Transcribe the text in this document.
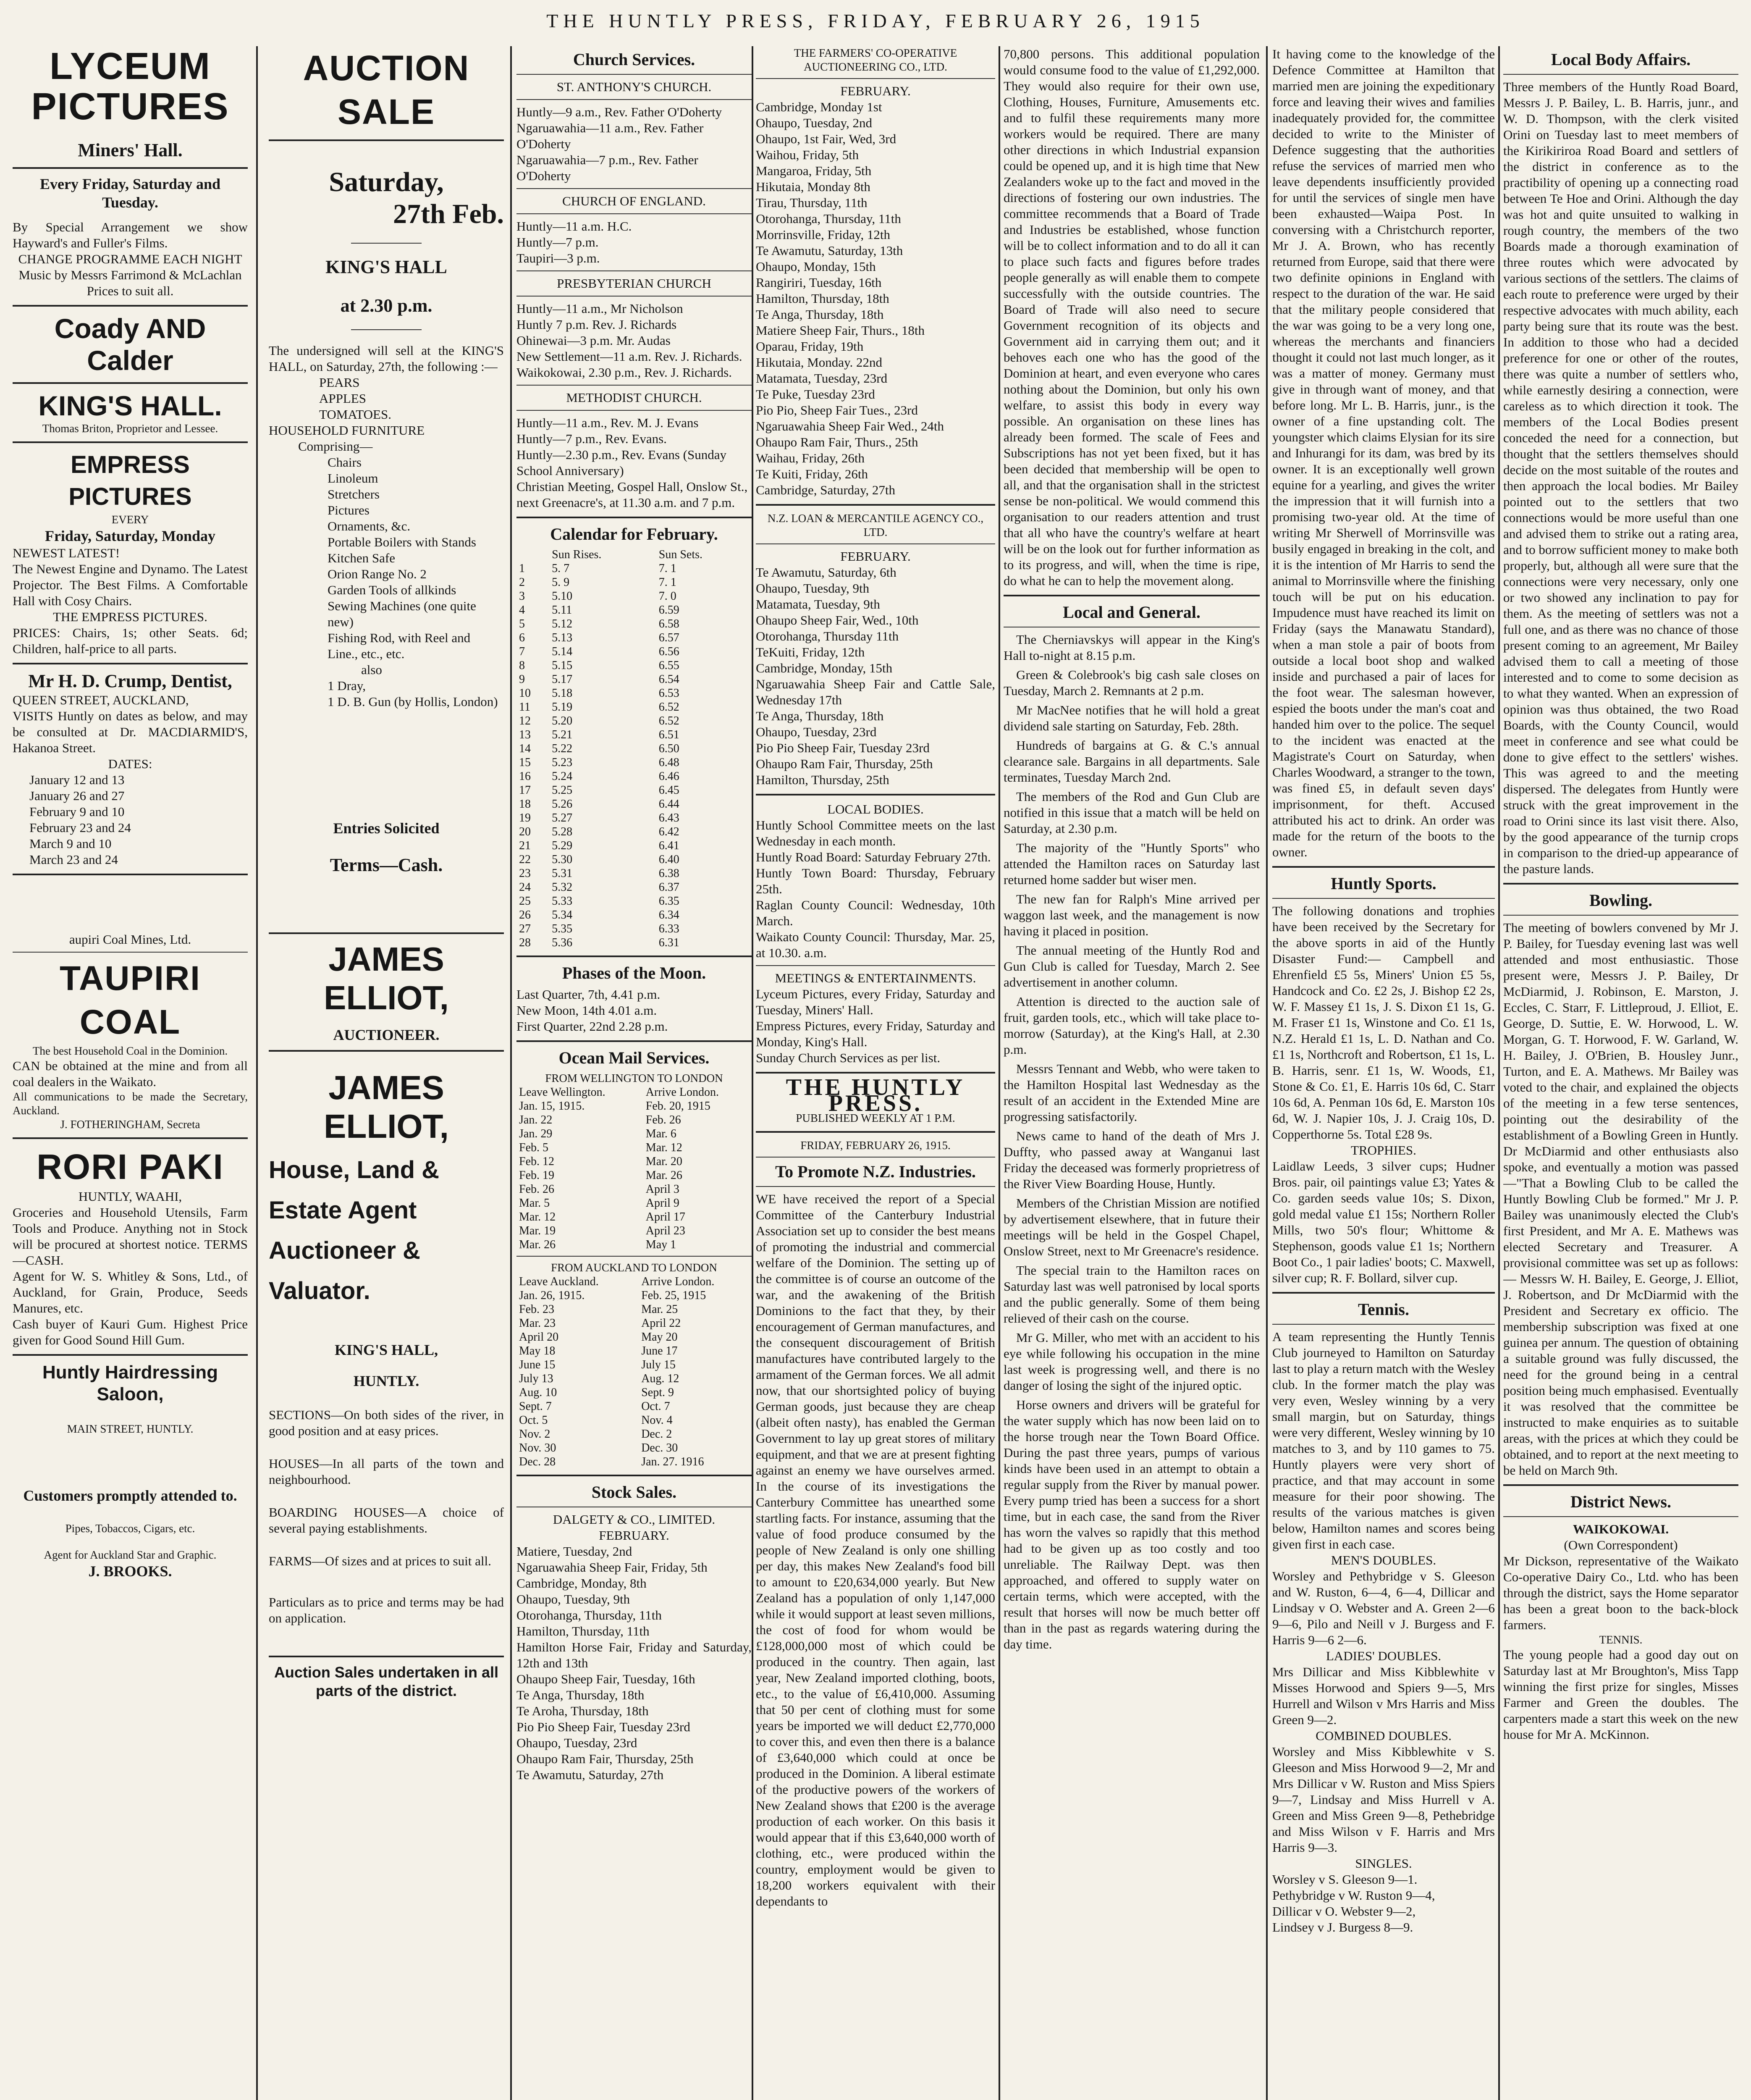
THE HUNTLY PRESS, FRIDAY, FEBRUARY 26, 1915
LYCEUM PICTURES
Miners' Hall.
Every Friday, Saturday and Tuesday.
By Special Arrangement we show Hayward's and Fuller's Films.
CHANGE PROGRAMME EACH NIGHT
Music by Messrs Farrimond & McLachlan Prices to suit all.
Coady AND Calder
KING'S HALL.
Thomas Briton, Proprietor and Lessee.
EMPRESS PICTURES
EVERY
Friday, Saturday, Monday
NEWEST LATEST!
The Newest Engine and Dynamo. The Latest Projector. The Best Films. A Comfortable Hall with Cosy Chairs.
THE EMPRESS PICTURES.
PRICES: Chairs, 1s; other Seats. 6d; Children, half-price to all parts.
Mr H. D. Crump, Dentist,
QUEEN STREET, AUCKLAND,
VISITS Huntly on dates as below, and may be consulted at Dr. MACDIARMID'S, Hakanoa Street.
DATES:
January 12 and 13
January 26 and 27
February 9 and 10
February 23 and 24
March 9 and 10
March 23 and 24
aupiri Coal Mines, Ltd.
TAUPIRI COAL
The best Household Coal in the Dominion.
CAN be obtained at the mine and from all coal dealers in the Waikato.
All communications to be made the Secretary, Auckland.
J. FOTHERINGHAM, Secreta
RORI PAKI
HUNTLY, WAAHI,
Groceries and Household Utensils, Farm Tools and Produce. Anything not in Stock will be procured at shortest notice. TERMS—CASH.
Agent for W. S. Whitley & Sons, Ltd., of Auckland, for Grain, Produce, Seeds Manures, etc.
Cash buyer of Kauri Gum. Highest Price given for Good Sound Hill Gum.
Huntly Hairdressing Saloon,
MAIN STREET, HUNTLY.
Customers promptly attended to.
Pipes, Tobaccos, Cigars, etc.
Agent for Auckland Star and Graphic.
J. BROOKS.
AUCTION SALE
Saturday,
27th Feb.
KING'S HALL
at 2.30 p.m.
The undersigned will sell at the KING'S HALL, on Saturday, 27th, the following :—
PEARS
APPLES
TOMATOES.
HOUSEHOLD FURNITURE
Comprising—
Chairs
Linoleum
Stretchers
Pictures
Ornaments, &c.
Portable Boilers with Stands
Kitchen Safe
Orion Range No. 2
Garden Tools of allkinds
Sewing Machines (one quite new)
Fishing Rod, with Reel and Line., etc., etc.
also
1 Dray,
1 D. B. Gun (by Hollis, London)
Entries Solicited
Terms—Cash.
JAMES ELLIOT,
AUCTIONEER.
JAMES ELLIOT,
House, Land &
Estate Agent
Auctioneer &
Valuator.
KING'S HALL,
HUNTLY.
SECTIONS—On both sides of the river, in good position and at easy prices.
HOUSES—In all parts of the town and neighbourhood.
BOARDING HOUSES—A choice of several paying establishments.
FARMS—Of sizes and at prices to suit all.
Particulars as to price and terms may be had on application.
Auction Sales undertaken in all parts of the district.
Church Services.
ST. ANTHONY'S CHURCH.
Huntly—9 a.m., Rev. Father O'Doherty
Ngaruawahia—11 a.m., Rev. Father O'Doherty
Ngaruawahia—7 p.m., Rev. Father O'Doherty
CHURCH OF ENGLAND.
Huntly—11 a.m. H.C.
Huntly—7 p.m.
Taupiri—3 p.m.
PRESBYTERIAN CHURCH
Huntly—11 a.m., Mr Nicholson
Huntly 7 p.m. Rev. J. Richards
Ohinewai—3 p.m. Mr. Audas
New Settlement—11 a.m. Rev. J. Richards.
Waikokowai, 2.30 p.m., Rev. J. Richards.
METHODIST CHURCH.
Huntly—11 a.m., Rev. M. J. Evans
Huntly—7 p.m., Rev. Evans.
Huntly—2.30 p.m., Rev. Evans (Sunday School Anniversary)
Christian Meeting, Gospel Hall, Onslow St., next Greenacre's, at 11.30 a.m. and 7 p.m.
Calendar for February.
	Sun Rises.	Sun Sets.
1	5. 7	7. 1
2	5. 9	7. 1
3	5.10	7. 0
4	5.11	6.59
5	5.12	6.58
6	5.13	6.57
7	5.14	6.56
8	5.15	6.55
9	5.17	6.54
10	5.18	6.53
11	5.19	6.52
12	5.20	6.52
13	5.21	6.51
14	5.22	6.50
15	5.23	6.48
16	5.24	6.46
17	5.25	6.45
18	5.26	6.44
19	5.27	6.43
20	5.28	6.42
21	5.29	6.41
22	5.30	6.40
23	5.31	6.38
24	5.32	6.37
25	5.33	6.35
26	5.34	6.34
27	5.35	6.33
28	5.36	6.31
Phases of the Moon.
Last Quarter, 7th, 4.41 p.m.
New Moon, 14th 4.01 a.m.
First Quarter, 22nd 2.28 p.m.
Ocean Mail Services.
FROM WELLINGTON TO LONDON
Leave Wellington.	Arrive London.
Jan. 15, 1915.	Feb. 20, 1915
Jan. 22	Feb. 26
Jan. 29	Mar. 6
Feb. 5	Mar. 12
Feb. 12	Mar. 20
Feb. 19	Mar. 26
Feb. 26	April 3
Mar. 5	April 9
Mar. 12	April 17
Mar. 19	April 23
Mar. 26	May 1
FROM AUCKLAND TO LONDON
Leave Auckland.	Arrive London.
Jan. 26, 1915.	Feb. 25, 1915
Feb. 23	Mar. 25
Mar. 23	April 22
April 20	May 20
May 18	June 17
June 15	July 15
July 13	Aug. 12
Aug. 10	Sept. 9
Sept. 7	Oct. 7
Oct. 5	Nov. 4
Nov. 2	Dec. 2
Nov. 30	Dec. 30
Dec. 28	Jan. 27. 1916
Stock Sales.
DALGETY & CO., LIMITED.
FEBRUARY.
Matiere, Tuesday, 2nd
Ngaruawahia Sheep Fair, Friday, 5th
Cambridge, Monday, 8th
Ohaupo, Tuesday, 9th
Otorohanga, Thursday, 11th
Hamilton, Thursday, 11th
Hamilton Horse Fair, Friday and Saturday, 12th and 13th
Ohaupo Sheep Fair, Tuesday, 16th
Te Anga, Thursday, 18th
Te Aroha, Thursday, 18th
Pio Pio Sheep Fair, Tuesday 23rd
Ohaupo, Tuesday, 23rd
Ohaupo Ram Fair, Thursday, 25th
Te Awamutu, Saturday, 27th
THE FARMERS' CO-OPERATIVE AUCTIONEERING CO., LTD.
FEBRUARY.
Cambridge, Monday 1st
Ohaupo, Tuesday, 2nd
Ohaupo, 1st Fair, Wed, 3rd
Waihou, Friday, 5th
Mangaroa, Friday, 5th
Hikutaia, Monday 8th
Tirau, Thursday, 11th
Otorohanga, Thursday, 11th
Morrinsville, Friday, 12th
Te Awamutu, Saturday, 13th
Ohaupo, Monday, 15th
Rangiriri, Tuesday, 16th
Hamilton, Thursday, 18th
Te Anga, Thursday, 18th
Matiere Sheep Fair, Thurs., 18th
Oparau, Friday, 19th
Hikutaia, Monday. 22nd
Matamata, Tuesday, 23rd
Te Puke, Tuesday 23rd
Pio Pio, Sheep Fair Tues., 23rd
Ngaruawahia Sheep Fair Wed., 24th
Ohaupo Ram Fair, Thurs., 25th
Waihau, Friday, 26th
Te Kuiti, Friday, 26th
Cambridge, Saturday, 27th
N.Z. LOAN & MERCANTILE AGENCY CO., LTD.
FEBRUARY.
Te Awamutu, Saturday, 6th
Ohaupo, Tuesday, 9th
Matamata, Tuesday, 9th
Ohaupo Sheep Fair, Wed., 10th
Otorohanga, Thursday 11th
TeKuiti, Friday, 12th
Cambridge, Monday, 15th
Ngaruawahia Sheep Fair and Cattle Sale, Wednesday 17th
Te Anga, Thursday, 18th
Ohaupo, Tuesday, 23rd
Pio Pio Sheep Fair, Tuesday 23rd
Ohaupo Ram Fair, Thursday, 25th
Hamilton, Thursday, 25th
LOCAL BODIES.
Huntly School Committee meets on the last Wednesday in each month.
Huntly Road Board: Saturday February 27th.
Huntly Town Board: Thursday, February 25th.
Raglan County Council: Wednesday, 10th March.
Waikato County Council: Thursday, Mar. 25, at 10.30. a.m.
MEETINGS & ENTERTAINMENTS.
Lyceum Pictures, every Friday, Saturday and Tuesday, Miners' Hall.
Empress Pictures, every Friday, Saturday and Monday, King's Hall.
Sunday Church Services as per list.
THE HUNTLY PRESS.
PUBLISHED WEEKLY AT 1 P.M.
FRIDAY, FEBRUARY 26, 1915.
To Promote N.Z. Industries.
WE have received the report of a Special Committee of the Canterbury Industrial Association set up to consider the best means of promoting the industrial and commercial welfare of the Dominion. The setting up of the committee is of course an outcome of the war, and the awakening of the British Dominions to the fact that they, by their encouragement of German manufactures, and the consequent discouragement of British manufactures have contributed largely to the armament of the German forces. We all admit now, that our shortsighted policy of buying German goods, just because they are cheap (albeit often nasty), has enabled the German Government to lay up great stores of military equipment, and that we are at present fighting against an enemy we have ourselves armed. In the course of its investigations the Canterbury Committee has unearthed some startling facts. For instance, assuming that the value of food produce consumed by the people of New Zealand is only one shilling per day, this makes New Zealand's food bill to amount to £20,634,000 yearly. But New Zealand has a population of only 1,147,000 while it would support at least seven millions, the cost of food for whom would be £128,000,000 most of which could be produced in the country. Then again, last year, New Zealand imported clothing, boots, etc., to the value of £6,410,000. Assuming that 50 per cent of clothing must for some years be imported we will deduct £2,770,000 to cover this, and even then there is a balance of £3,640,000 which could at once be produced in the Dominion. A liberal estimate of the productive powers of the workers of New Zealand shows that £200 is the average production of each worker. On this basis it would appear that if this £3,640,000 worth of clothing, etc., were produced within the country, employment would be given to 18,200 workers equivalent with their dependants to
70,800 persons. This additional population would consume food to the value of £1,292,000. They would also require for their own use, Clothing, Houses, Furniture, Amusements etc. and to fulfil these requirements many more workers would be required. There are many other directions in which Industrial expansion could be opened up, and it is high time that New Zealanders woke up to the fact and moved in the directions of fostering our own industries. The committee recommends that a Board of Trade and Industries be established, whose function will be to collect information and to do all it can to place such facts and figures before trades people generally as will enable them to compete successfully with the outside countries. The Board of Trade will also need to secure Government recognition of its objects and Government aid in carrying them out; and it behoves each one who has the good of the Dominion at heart, and even everyone who cares nothing about the Dominion, but only his own welfare, to assist this body in every way possible. An organisation on these lines has already been formed. The scale of Fees and Subscriptions has not yet been fixed, but it has been decided that membership will be open to all, and that the organisation shall in the strictest sense be non-political. We would commend this organisation to our readers attention and trust that all who have the country's welfare at heart will be on the look out for further information as to its progress, and will, when the time is ripe, do what he can to help the movement along.
Local and General.
The Cherniavskys will appear in the King's Hall to-night at 8.15 p.m.
Green & Colebrook's big cash sale closes on Tuesday, March 2. Remnants at 2 p.m.
Mr MacNee notifies that he will hold a great dividend sale starting on Saturday, Feb. 28th.
Hundreds of bargains at G. & C.'s annual clearance sale. Bargains in all departments. Sale terminates, Tuesday March 2nd.
The members of the Rod and Gun Club are notified in this issue that a match will be held on Saturday, at 2.30 p.m.
The majority of the "Huntly Sports" who attended the Hamilton races on Saturday last returned home sadder but wiser men.
The new fan for Ralph's Mine arrived per waggon last week, and the management is now having it placed in position.
The annual meeting of the Huntly Rod and Gun Club is called for Tuesday, March 2. See advertisement in another column.
Attention is directed to the auction sale of fruit, garden tools, etc., which will take place to-morrow (Saturday), at the King's Hall, at 2.30 p.m.
Messrs Tennant and Webb, who were taken to the Hamilton Hospital last Wednesday as the result of an accident in the Extended Mine are progressing satisfactorily.
News came to hand of the death of Mrs J. Duffty, who passed away at Wanganui last Friday the deceased was formerly proprietress of the River View Boarding House, Huntly.
Members of the Christian Mission are notified by advertisement elsewhere, that in future their meetings will be held in the Gospel Chapel, Onslow Street, next to Mr Greenacre's residence.
The special train to the Hamilton races on Saturday last was well patronised by local sports and the public generally. Some of them being relieved of their cash on the course.
Mr G. Miller, who met with an accident to his eye while following his occupation in the mine last week is progressing well, and there is no danger of losing the sight of the injured optic.
Horse owners and drivers will be grateful for the water supply which has now been laid on to the horse trough near the Town Board Office. During the past three years, pumps of various kinds have been used in an attempt to obtain a regular supply from the River by manual power. Every pump tried has been a success for a short time, but in each case, the sand from the River has worn the valves so rapidly that this method had to be given up as too costly and too unreliable. The Railway Dept. was then approached, and offered to supply water on certain terms, which were accepted, with the result that horses will now be much better off than in the past as regards watering during the day time.
It having come to the knowledge of the Defence Committee at Hamilton that married men are joining the expeditionary force and leaving their wives and families inadequately provided for, the committee decided to write to the Minister of Defence suggesting that the authorities refuse the services of married men who leave dependents insufficiently provided for until the services of single men have been exhausted—Waipa Post. In conversing with a Christchurch reporter, Mr J. A. Brown, who has recently returned from Europe, said that there were two definite opinions in England with respect to the duration of the war. He said that the military people considered that the war was going to be a very long one, whereas the merchants and financiers thought it could not last much longer, as it was a matter of money. Germany must give in through want of money, and that before long. Mr L. B. Harris, junr., is the owner of a fine upstanding colt. The youngster which claims Elysian for its sire and Inhurangi for its dam, was bred by its owner. It is an exceptionally well grown equine for a yearling, and gives the writer the impression that it will furnish into a promising two-year old. At the time of writing Mr Sherwell of Morrinsville was busily engaged in breaking in the colt, and it is the intention of Mr Harris to send the animal to Morrinsville where the finishing touch will be put on his education. Impudence must have reached its limit on Friday (says the Manawatu Standard), when a man stole a pair of boots from outside a local boot shop and walked inside and purchased a pair of laces for the foot wear. The salesman however, espied the boots under the man's coat and handed him over to the police. The sequel to the incident was enacted at the Magistrate's Court on Saturday, when Charles Woodward, a stranger to the town, was fined £5, in default seven days' imprisonment, for theft. Accused attributed his act to drink. An order was made for the return of the boots to the owner.
Huntly Sports.
The following donations and trophies have been received by the Secretary for the above sports in aid of the Huntly Disaster Fund:— Campbell and Ehrenfield £5 5s, Miners' Union £5 5s, Handcock and Co. £2 2s, J. Bishop £2 2s, W. F. Massey £1 1s, J. S. Dixon £1 1s, G. M. Fraser £1 1s, Winstone and Co. £1 1s, N.Z. Herald £1 1s, L. D. Nathan and Co. £1 1s, Northcroft and Robertson, £1 1s, L. B. Harris, senr. £1 1s, W. Woods, £1, Stone & Co. £1, E. Harris 10s 6d, C. Starr 10s 6d, A. Penman 10s 6d, E. Marston 10s 6d, W. J. Napier 10s, J. J. Craig 10s, D. Copperthorne 5s. Total £28 9s.
TROPHIES.
Laidlaw Leeds, 3 silver cups; Hudner Bros. pair, oil paintings value £3; Yates & Co. garden seeds value 10s; S. Dixon, gold medal value £1 15s; Northern Roller Mills, two 50's flour; Whittome & Stephenson, goods value £1 1s; Northern Boot Co., 1 pair ladies' boots; C. Maxwell, silver cup; R. F. Bollard, silver cup.
Tennis.
A team representing the Huntly Tennis Club journeyed to Hamilton on Saturday last to play a return match with the Wesley club. In the former match the play was very even, Wesley winning by a very small margin, but on Saturday, things were very different, Wesley winning by 10 matches to 3, and by 110 games to 75. Huntly players were very short of practice, and that may account in some measure for their poor showing. The results of the various matches is given below, Hamilton names and scores being given first in each case.
MEN'S DOUBLES.
Worsley and Pethybridge v S. Gleeson and W. Ruston, 6—4, 6—4, Dillicar and Lindsay v O. Webster and A. Green 2—6 9—6, Pilo and Neill v J. Burgess and F. Harris 9—6 2—6.
LADIES' DOUBLES.
Mrs Dillicar and Miss Kibblewhite v Misses Horwood and Spiers 9—5, Mrs Hurrell and Wilson v Mrs Harris and Miss Green 9—2.
COMBINED DOUBLES.
Worsley and Miss Kibblewhite v S. Gleeson and Miss Horwood 9—2, Mr and Mrs Dillicar v W. Ruston and Miss Spiers 9—7, Lindsay and Miss Hurrell v A. Green and Miss Green 9—8, Pethebridge and Miss Wilson v F. Harris and Mrs Harris 9—3.
SINGLES.
Worsley v S. Gleeson 9—1.
Pethybridge v W. Ruston 9—4,
Dillicar v O. Webster 9—2,
Lindsey v J. Burgess 8—9.
Local Body Affairs.
Three members of the Huntly Road Board, Messrs J. P. Bailey, L. B. Harris, junr., and W. D. Thompson, with the clerk visited Orini on Tuesday last to meet members of the Kirikiriroa Road Board and settlers of the district in conference as to the practibility of opening up a connecting road between Te Hoe and Orini. Although the day was hot and quite unsuited to walking in rough country, the members of the two Boards made a thorough examination of three routes which were advocated by various sections of the settlers. The claims of each route to preference were urged by their respective advocates with much ability, each party being sure that its route was the best. In addition to those who had a decided preference for one or other of the routes, there was quite a number of settlers who, while earnestly desiring a connection, were careless as to which direction it took. The members of the Local Bodies present conceded the need for a connection, but thought that the settlers themselves should decide on the most suitable of the routes and then approach the local bodies. Mr Bailey pointed out to the settlers that two connections would be more useful than one and advised them to strike out a rating area, and to borrow sufficient money to make both properly, but, although all were sure that the connections were very necessary, only one or two showed any inclination to pay for them. As the meeting of settlers was not a full one, and as there was no chance of those present coming to an agreement, Mr Bailey advised them to call a meeting of those interested and to come to some decision as to what they wanted. When an expression of opinion was thus obtained, the two Road Boards, with the County Council, would meet in conference and see what could be done to give effect to the settlers' wishes. This was agreed to and the meeting dispersed. The delegates from Huntly were struck with the great improvement in the road to Orini since its last visit there. Also, by the good appearance of the turnip crops in comparison to the dried-up appearance of the pasture lands.
Bowling.
The meeting of bowlers convened by Mr J. P. Bailey, for Tuesday evening last was well attended and most enthusiastic. Those present were, Messrs J. P. Bailey, Dr McDiarmid, J. Robinson, E. Marston, J. Eccles, C. Starr, F. Littleproud, J. Elliot, E. George, D. Suttie, E. W. Horwood, L. W. Morgan, G. T. Horwood, F. W. Garland, W. H. Bailey, J. O'Brien, B. Housley Junr., Turton, and E. A. Mathews. Mr Bailey was voted to the chair, and explained the objects of the meeting in a few terse sentences, pointing out the desirability of the establishment of a Bowling Green in Huntly. Dr McDiarmid and other enthusiasts also spoke, and eventually a motion was passed—"That a Bowling Club to be called the Huntly Bowling Club be formed." Mr J. P. Bailey was unanimously elected the Club's first President, and Mr A. E. Mathews was elected Secretary and Treasurer. A provisional committee was set up as follows:— Messrs W. H. Bailey, E. George, J. Elliot, J. Robertson, and Dr McDiarmid with the President and Secretary ex officio. The membership subscription was fixed at one guinea per annum. The question of obtaining a suitable ground was fully discussed, the need for the ground being in a central position being much emphasised. Eventually it was resolved that the committee be instructed to make enquiries as to suitable areas, with the prices at which they could be obtained, and to report at the next meeting to be held on March 9th.
District News.
WAIKOKOWAI.
(Own Correspondent)
Mr Dickson, representative of the Waikato Co-operative Dairy Co., Ltd. who has been through the district, says the Home separator has been a great boon to the back-block farmers.
TENNIS.
The young people had a good day out on Saturday last at Mr Broughton's, Miss Tapp winning the first prize for singles, Misses Farmer and Green the doubles. The carpenters made a start this week on the new house for Mr A. McKinnon.
